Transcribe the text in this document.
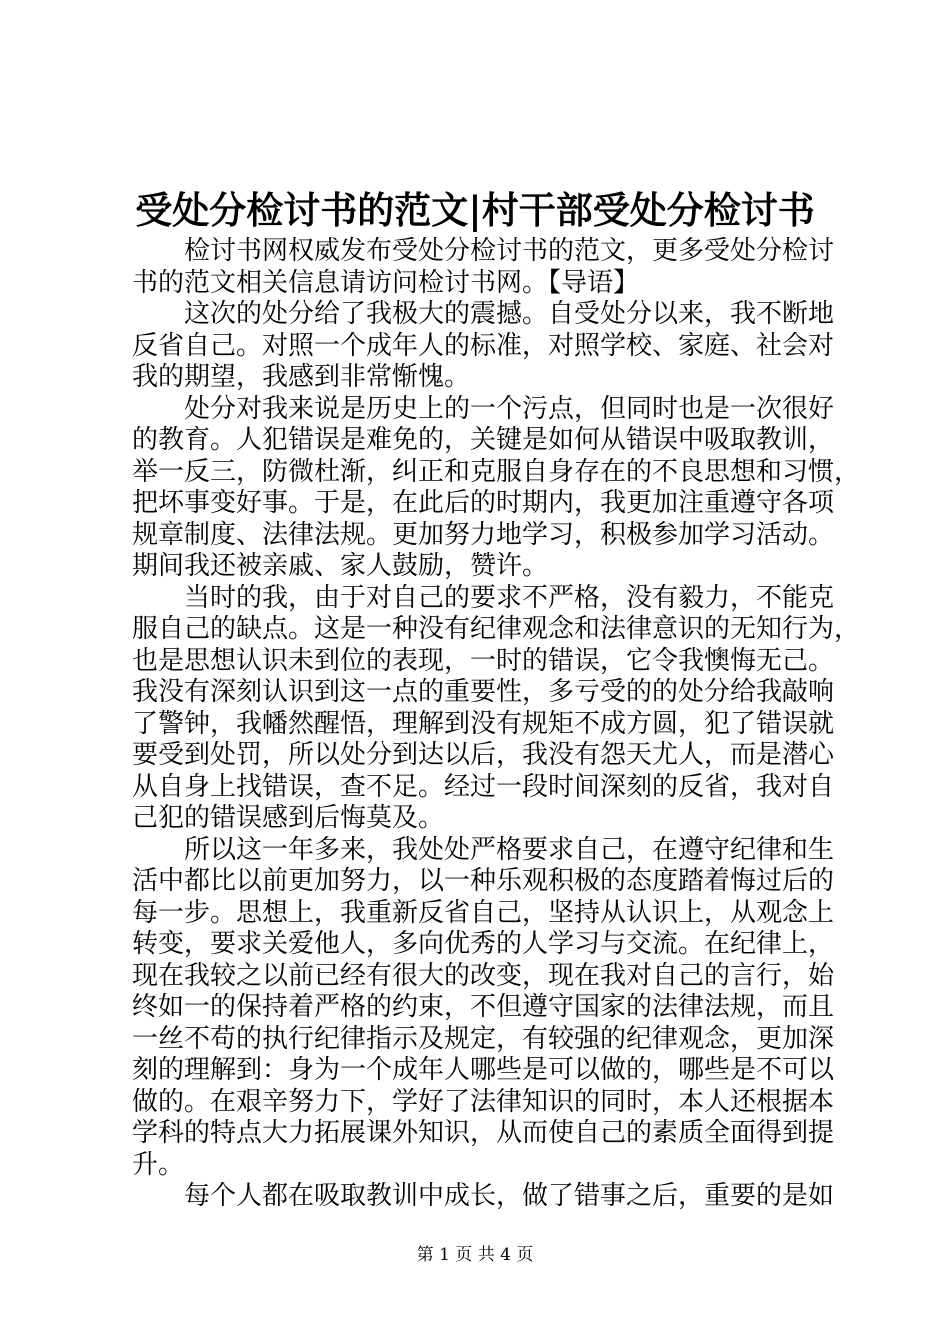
受处分检讨书的范文|村干部受处分检讨书
检讨书网权威发布受处分检讨书的范文，更多受处分检讨
书的范文相关信息请访问检讨书网。【导语】
这次的处分给了我极大的震撼。自受处分以来，我不断地
反省自己。对照一个成年人的标准，对照学校、家庭、社会对
我的期望，我感到非常惭愧。
处分对我来说是历史上的一个污点，但同时也是一次很好
的教育。人犯错误是难免的，关键是如何从错误中吸取教训，
举一反三，防微杜渐，纠正和克服自身存在的不良思想和习惯，
把坏事变好事。于是，在此后的时期内，我更加注重遵守各项
规章制度、法律法规。更加努力地学习，积极参加学习活动。
期间我还被亲戚、家人鼓励，赞许。
当时的我，由于对自己的要求不严格，没有毅力，不能克
服自己的缺点。这是一种没有纪律观念和法律意识的无知行为，
也是思想认识未到位的表现，一时的错误，它令我懊悔无己。
我没有深刻认识到这一点的重要性，多亏受的的处分给我敲响
了警钟，我幡然醒悟，理解到没有规矩不成方圆，犯了错误就
要受到处罚，所以处分到达以后，我没有怨天尤人，而是潜心
从自身上找错误，查不足。经过一段时间深刻的反省，我对自
己犯的错误感到后悔莫及。
所以这一年多来，我处处严格要求自己，在遵守纪律和生
活中都比以前更加努力，以一种乐观积极的态度踏着悔过后的
每一步。思想上，我重新反省自己，坚持从认识上，从观念上
转变，要求关爱他人，多向优秀的人学习与交流。在纪律上，
现在我较之以前已经有很大的改变，现在我对自己的言行，始
终如一的保持着严格的约束，不但遵守国家的法律法规，而且
一丝不苟的执行纪律指示及规定，有较强的纪律观念，更加深
刻的理解到：身为一个成年人哪些是可以做的，哪些是不可以
做的。在艰辛努力下，学好了法律知识的同时，本人还根据本
学科的特点大力拓展课外知识，从而使自己的素质全面得到提
升。
每个人都在吸取教训中成长，做了错事之后，重要的是如
第 1 页 共 4 页
